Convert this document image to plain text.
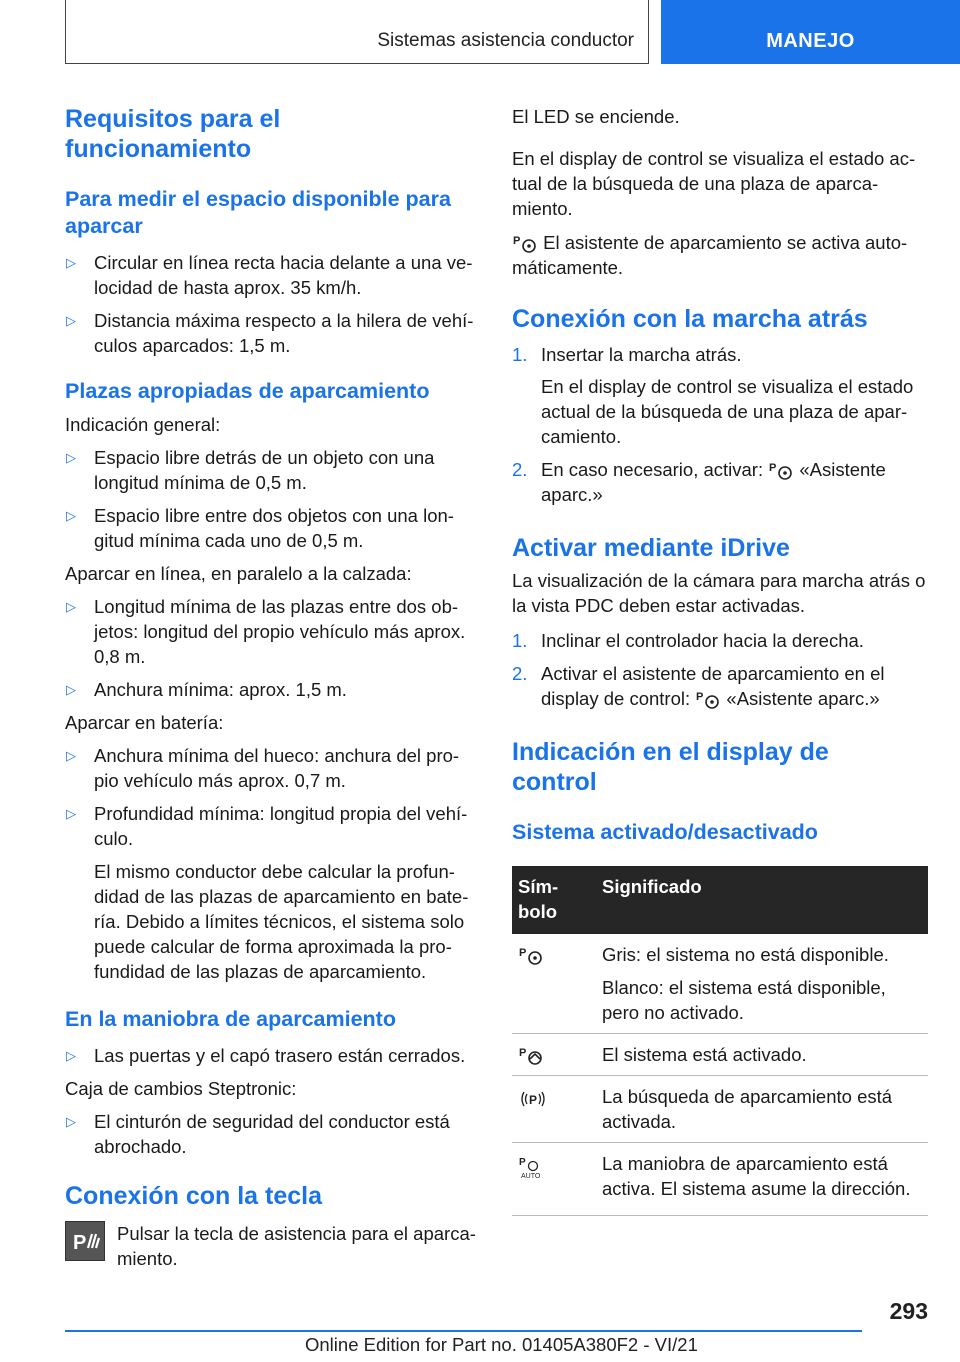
Sistemas asistencia conductor	MANEJO
Requisitos para el funcionamiento
Para medir el espacio disponible para aparcar
▷ Circular en línea recta hacia delante a una velocidad de hasta aprox. 35 km/h.
▷ Distancia máxima respecto a la hilera de vehículos aparcados: 1,5 m.
Plazas apropiadas de aparcamiento

Indicación general:

▷ Espacio libre detrás de un objeto con una longitud mínima de 0,5 m.
▷ Espacio libre entre dos objetos con una longitud mínima cada uno de 0,5 m.

Aparcar en línea, en paralelo a la calzada:

▷ Longitud mínima de las plazas entre dos objetos: longitud del propio vehículo más aprox. 0,8 m.
▷ Anchura mínima: aprox. 1,5 m.

Aparcar en batería:

▷ Anchura mínima del hueco: anchura del propio vehículo más aprox. 0,7 m.
▷ Profundidad mínima: longitud propia del vehículo.
El mismo conductor debe calcular la profundidad de las plazas de aparcamiento en batería. Debido a límites técnicos, el sistema solo puede calcular de forma aproximada la profundidad de las plazas de aparcamiento.
En la maniobra de aparcamiento
▷ Las puertas y el capó trasero están cerrados.

Caja de cambios Steptronic:

▷ El cinturón de seguridad del conductor está abrochado.
Conexión con la tecla
P Pulsar la tecla de asistencia para el aparcamiento.

El LED se enciende.

En el display de control se visualiza el estado actual de la búsqueda de una plaza de aparcamiento.

P El asistente de aparcamiento se activa automáticamente.

Conexión con la marcha atrás
1. Insertar la marcha atrás.
En el display de control se visualiza el estado actual de la búsqueda de una plaza de aparcamiento.
2. En caso necesario, activar: P «Asistente aparc.»
Activar mediante iDrive

La visualización de la cámara para marcha atrás o la vista PDC deben estar activadas.

1. Inclinar el controlador hacia la derecha.
2. Activar el asistente de aparcamiento en el display de control: P «Asistente aparc.»
Indicación en el display de control
Sistema activado/desactivado
Símbolo	Significado

P	Gris: el sistema no está disponible.

Blanco: el sistema está disponible, pero no activado.

P	El sistema está activado.

P	La búsqueda de aparcamiento está activada.

P
AUTO	La maniobra de aparcamiento está activa. El sistema asume la dirección.

293
Online Edition for Part no. 01405A380F2 - VI/21
